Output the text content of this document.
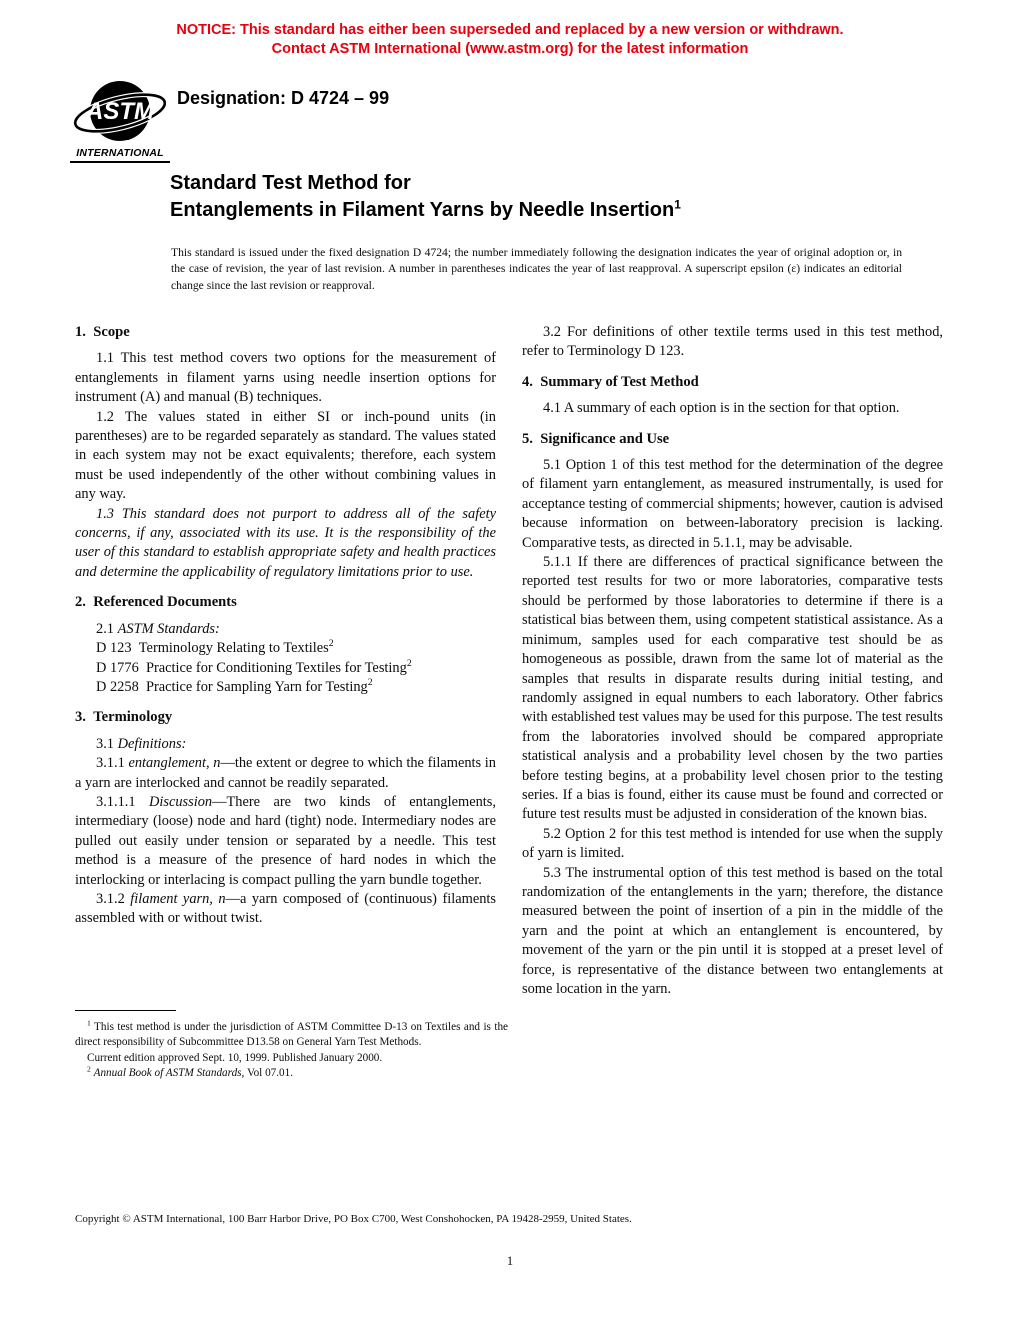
NOTICE: This standard has either been superseded and replaced by a new version or withdrawn.
Contact ASTM International (www.astm.org) for the latest information
ASTM
INTERNATIONAL
Designation: D 4724 – 99
Standard Test Method for
Entanglements in Filament Yarns by Needle Insertion$^1$
This standard is issued under the fixed designation D 4724; the number immediately following the designation indicates the year of original adoption or, in the case of revision, the year of last revision. A number in parentheses indicates the year of last reapproval. A superscript epsilon (ε) indicates an editorial change since the last revision or reapproval.

1.  Scope

1.1 This test method covers two options for the measurement of entanglements in filament yarns using needle insertion options for instrument (A) and manual (B) techniques.

1.2 The values stated in either SI or inch-pound units (in parentheses) are to be regarded separately as standard. The values stated in each system may not be exact equivalents; therefore, each system must be used independently of the other without combining values in any way.

1.3 This standard does not purport to address all of the safety concerns, if any, associated with its use. It is the responsibility of the user of this standard to establish appropriate safety and health practices and determine the applicability of regulatory limitations prior to use.

2.  Referenced Documents

2.1 ASTM Standards:

D 123  Terminology Relating to Textiles$^2$

D 1776  Practice for Conditioning Textiles for Testing$^2$

D 2258  Practice for Sampling Yarn for Testing$^2$

3.  Terminology

3.1 Definitions:

3.1.1 entanglement, n—the extent or degree to which the filaments in a yarn are interlocked and cannot be readily separated.

3.1.1.1 Discussion—There are two kinds of entanglements, intermediary (loose) node and hard (tight) node. Intermediary nodes are pulled out easily under tension or separated by a needle. This test method is a measure of the presence of hard nodes in which the interlocking or interlacing is compact pulling the yarn bundle together.

3.1.2 filament yarn, n—a yarn composed of (continuous) filaments assembled with or without twist.

3.2 For definitions of other textile terms used in this test method, refer to Terminology D 123.

4.  Summary of Test Method

4.1 A summary of each option is in the section for that option.

5.  Significance and Use

5.1 Option 1 of this test method for the determination of the degree of filament yarn entanglement, as measured instrumentally, is used for acceptance testing of commercial shipments; however, caution is advised because information on between-laboratory precision is lacking. Comparative tests, as directed in 5.1.1, may be advisable.

5.1.1 If there are differences of practical significance between the reported test results for two or more laboratories, comparative tests should be performed by those laboratories to determine if there is a statistical bias between them, using competent statistical assistance. As a minimum, samples used for each comparative test should be as homogeneous as possible, drawn from the same lot of material as the samples that results in disparate results during initial testing, and randomly assigned in equal numbers to each laboratory. Other fabrics with established test values may be used for this purpose. The test results from the laboratories involved should be compared appropriate statistical analysis and a probability level chosen by the two parties before testing begins, at a probability level chosen prior to the testing series. If a bias is found, either its cause must be found and corrected or future test results must be adjusted in consideration of the known bias.

5.2 Option 2 for this test method is intended for use when the supply of yarn is limited.

5.3 The instrumental option of this test method is based on the total randomization of the entanglements in the yarn; therefore, the distance measured between the point of insertion of a pin in the middle of the yarn and the point at which an entanglement is encountered, by movement of the yarn or the pin until it is stopped at a preset level of force, is representative of the distance between two entanglements at some location in the yarn.

$^1$ This test method is under the jurisdiction of ASTM Committee D-13 on Textiles and is the direct responsibility of Subcommittee D13.58 on General Yarn Test Methods.

Current edition approved Sept. 10, 1999. Published January 2000.

$^2$ Annual Book of ASTM Standards, Vol 07.01.

Copyright © ASTM International, 100 Barr Harbor Drive, PO Box C700, West Conshohocken, PA 19428-2959, United States.
1
